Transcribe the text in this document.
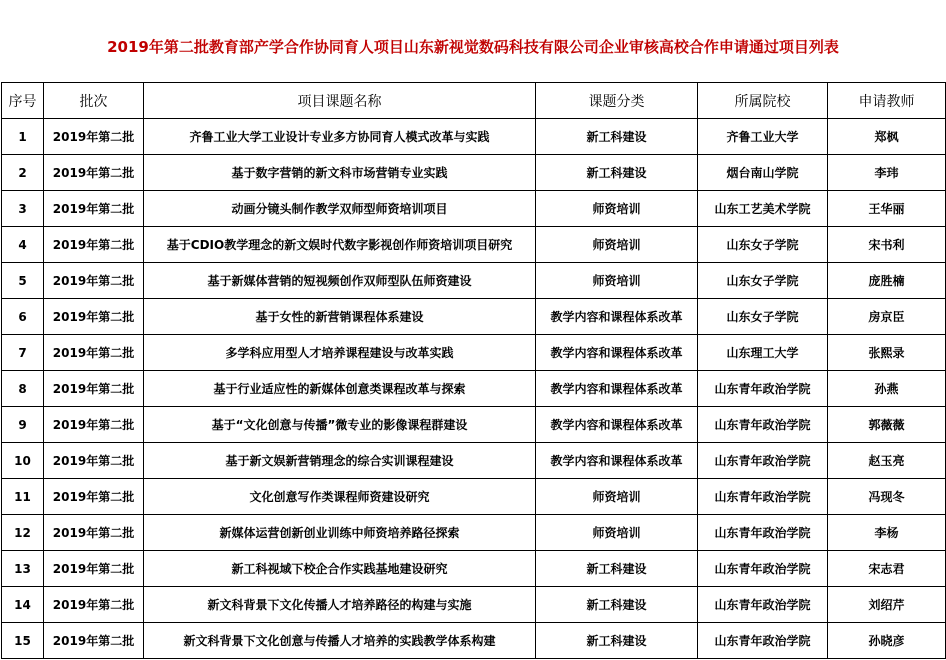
2019年第二批教育部产学合作协同育人项目山东新视觉数码科技有限公司企业审核高校合作申请通过项目列表
序号	批次	项目课题名称	课题分类	所属院校	申请教师
1	2019年第二批	齐鲁工业大学工业设计专业多方协同育人模式改革与实践	新工科建设	齐鲁工业大学	郑枫
2	2019年第二批	基于数字营销的新文科市场营销专业实践	新工科建设	烟台南山学院	李玮
3	2019年第二批	动画分镜头制作教学双师型师资培训项目	师资培训	山东工艺美术学院	王华丽
4	2019年第二批	基于CDIO教学理念的新文娱时代数字影视创作师资培训项目研究	师资培训	山东女子学院	宋书利
5	2019年第二批	基于新媒体营销的短视频创作双师型队伍师资建设	师资培训	山东女子学院	庞胜楠
6	2019年第二批	基于女性的新营销课程体系建设	教学内容和课程体系改革	山东女子学院	房京臣
7	2019年第二批	多学科应用型人才培养课程建设与改革实践	教学内容和课程体系改革	山东理工大学	张熙录
8	2019年第二批	基于行业适应性的新媒体创意类课程改革与探索	教学内容和课程体系改革	山东青年政治学院	孙燕
9	2019年第二批	基于“文化创意与传播”微专业的影像课程群建设	教学内容和课程体系改革	山东青年政治学院	郭薇薇
10	2019年第二批	基于新文娱新营销理念的综合实训课程建设	教学内容和课程体系改革	山东青年政治学院	赵玉亮
11	2019年第二批	文化创意写作类课程师资建设研究	师资培训	山东青年政治学院	冯现冬
12	2019年第二批	新媒体运营创新创业训练中师资培养路径探索	师资培训	山东青年政治学院	李杨
13	2019年第二批	新工科视域下校企合作实践基地建设研究	新工科建设	山东青年政治学院	宋志君
14	2019年第二批	新文科背景下文化传播人才培养路径的构建与实施	新工科建设	山东青年政治学院	刘绍芹
15	2019年第二批	新文科背景下文化创意与传播人才培养的实践教学体系构建	新工科建设	山东青年政治学院	孙晓彦
